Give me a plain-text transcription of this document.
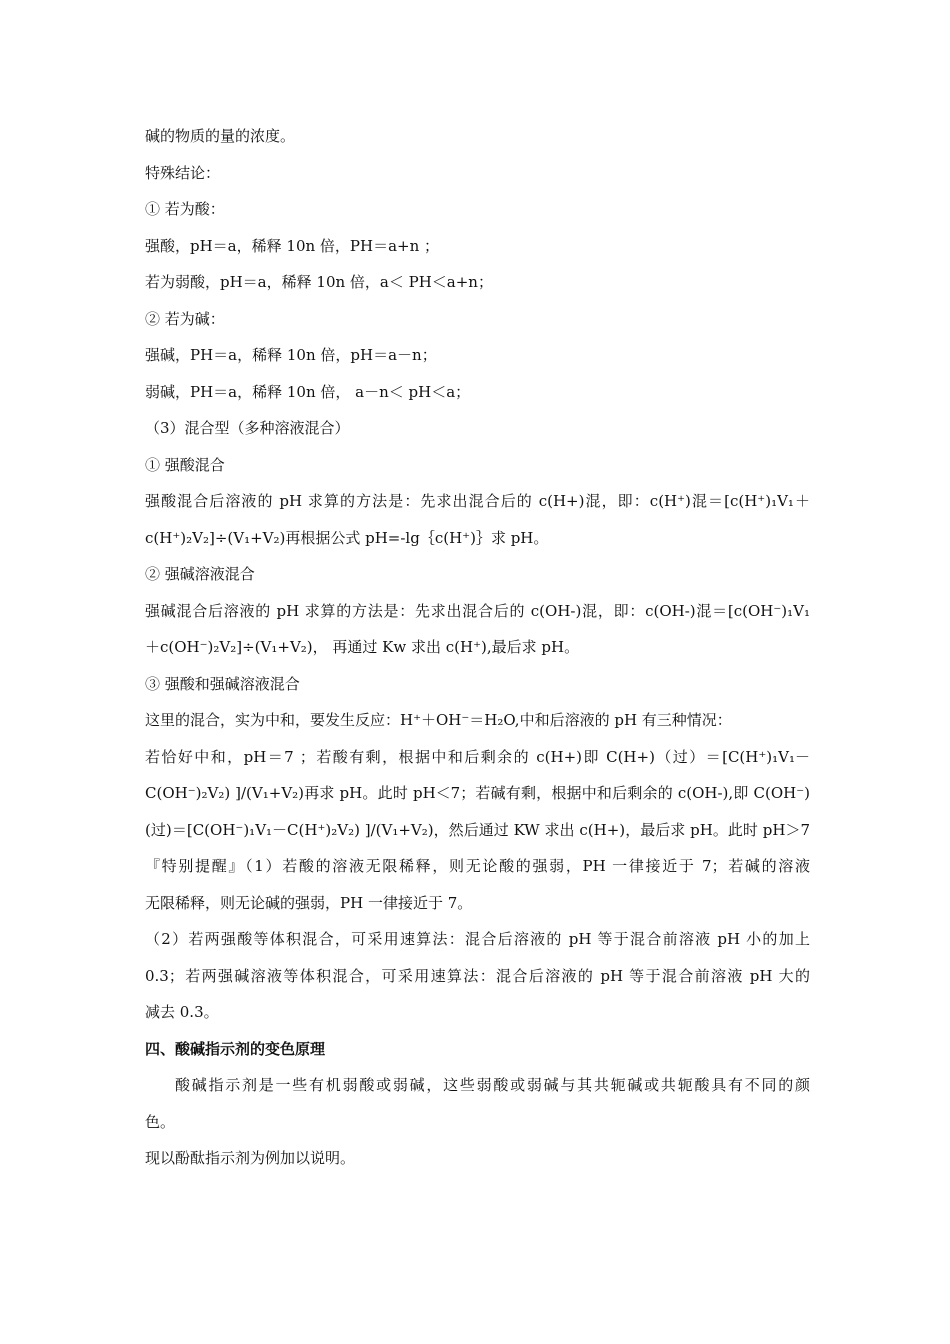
碱的物质的量的浓度。
特殊结论：
① 若为酸：
强酸，pH＝a，稀释 10n 倍，PH＝a+n ；
若为弱酸，pH＝a，稀释 10n 倍，a＜ PH＜a+n；
② 若为碱：
强碱，PH＝a，稀释 10n 倍，pH＝a－n；
弱碱，PH＝a，稀释 10n 倍， a－n＜ pH＜a；
（3）混合型（多种溶液混合）
① 强酸混合
强酸混合后溶液的 pH 求算的方法是：先求出混合后的 c(H+)混，即：c(H⁺)混＝[c(H⁺)₁V₁＋
c(H⁺)₂V₂]÷(V₁+V₂)再根据公式 pH=-lg｛c(H⁺)｝求 pH。
② 强碱溶液混合
强碱混合后溶液的 pH 求算的方法是：先求出混合后的 c(OH-)混，即：c(OH-)混＝[c(OH⁻)₁V₁
＋c(OH⁻)₂V₂]÷(V₁+V₂)， 再通过 Kw 求出 c(H⁺),最后求 pH。
③ 强酸和强碱溶液混合
这里的混合，实为中和，要发生反应：H⁺＋OH⁻＝H₂O,中和后溶液的 pH 有三种情况：
若恰好中和，pH＝7 ；若酸有剩，根据中和后剩余的 c(H+)即 C(H+)（过）＝[C(H⁺)₁V₁－
C(OH⁻)₂V₂) ]/(V₁+V₂)再求 pH。此时 pH＜7；若碱有剩，根据中和后剩余的 c(OH-),即 C(OH⁻)
(过)＝[C(OH⁻)₁V₁－C(H⁺)₂V₂) ]/(V₁+V₂)，然后通过 KW 求出 c(H+)，最后求 pH。此时 pH＞7
『特别提醒』（1）若酸的溶液无限稀释，则无论酸的强弱，PH 一律接近于 7；若碱的溶液
无限稀释，则无论碱的强弱，PH 一律接近于 7。
（2）若两强酸等体积混合，可采用速算法：混合后溶液的 pH 等于混合前溶液 pH 小的加上
0.3；若两强碱溶液等体积混合，可采用速算法：混合后溶液的 pH 等于混合前溶液 pH 大的
减去 0.3。
四、酸碱指示剂的变色原理
酸碱指示剂是一些有机弱酸或弱碱，这些弱酸或弱碱与其共轭碱或共轭酸具有不同的颜
色。
现以酚酞指示剂为例加以说明。
